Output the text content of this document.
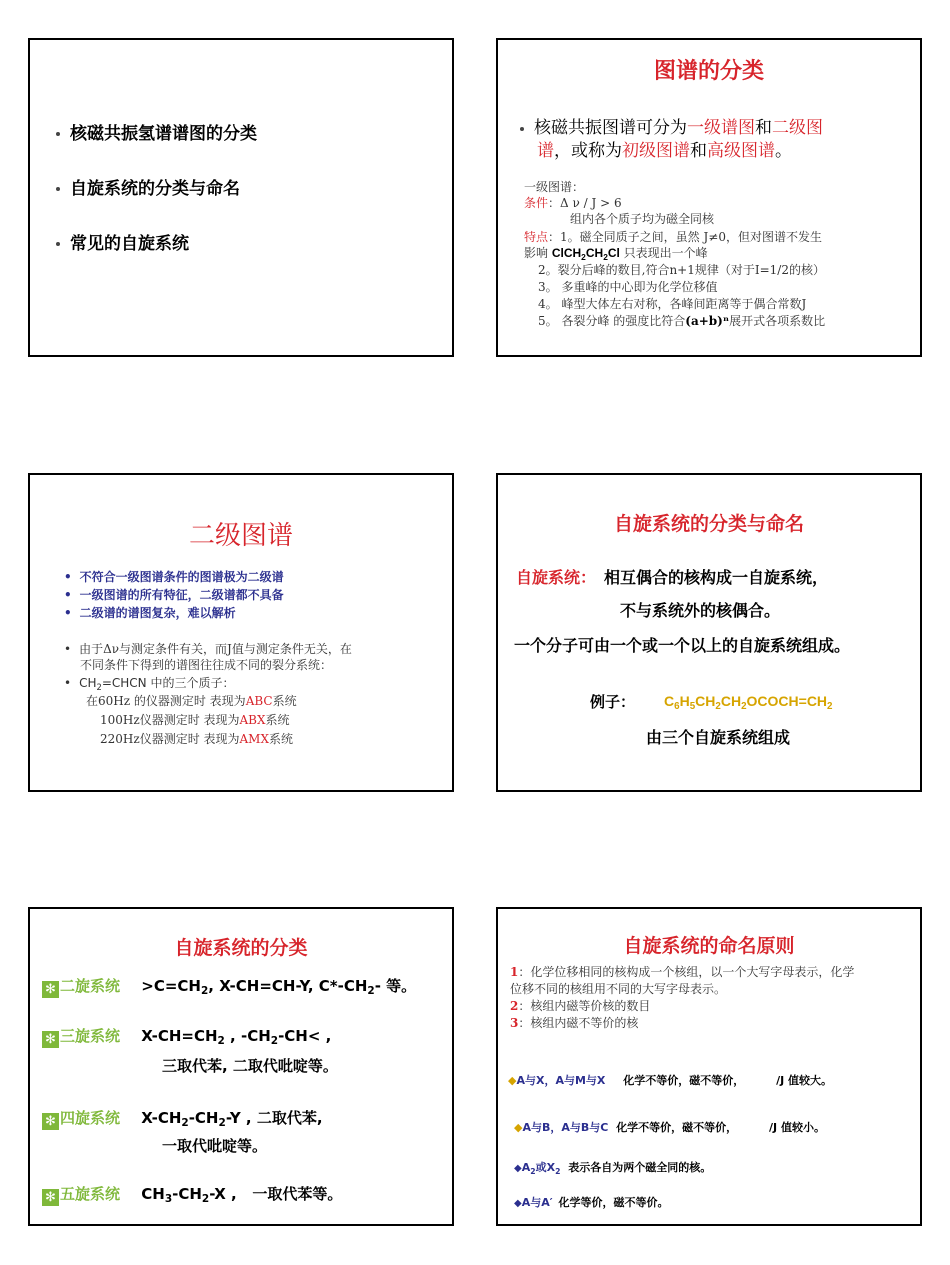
核磁共振氢谱谱图的分类
自旋系统的分类与命名
常见的自旋系统
图谱的分类
核磁共振图谱可分为一级谱图和二级图
谱，或称为初级图谱和高级图谱。
一级图谱：
条件：Δ ν / J > 6
组内各个质子均为磁全同核
特点：1。磁全同质子之间，虽然 J≠0，但对图谱不发生
影响 $ClCH_2CH_2Cl$ 只表现出一个峰
2。裂分后峰的数目,符合n+1规律（对于I=1/2的核）
3。 多重峰的中心即为化学位移值
4。 峰型大体左右对称，各峰间距离等于偶合常数J
5。 各裂分峰 的强度比符合(a+b)ⁿ展开式各项系数比
二级图谱
• 不符合一级图谱条件的图谱极为二级谱
• 一级图谱的所有特征，二级谱都不具备
• 二级谱的谱图复杂，难以解析
• 由于Δν与测定条件有关，而J值与测定条件无关，在
不同条件下得到的谱图往往成不同的裂分系统：
• $CH_2=CHCN$ 中的三个质子：
在60Hz 的仪器测定时 表现为ABC系统
100Hz仪器测定时 表现为ABX系统
220Hz仪器测定时 表现为AMX系统
自旋系统的分类与命名
自旋系统： 相互偶合的核构成一自旋系统，
不与系统外的核偶合。
一个分子可由一个或一个以上的自旋系统组成。
例子： $C_6H_5CH_2CH_2OCOCH=CH_2$
由三个自旋系统组成
自旋系统的分类
✻ 二旋系统 $>C=CH_2$, X-CH=CH-Y, $C*-CH_2-$ 等。
✻ 三旋系统 $X-CH=CH_2$ , $-CH_2-CH<$ ,
三取代苯, 二取代吡啶等。
✻ 四旋系统 $X-CH_2-CH_2-Y$ , 二取代苯,
一取代吡啶等。
✻ 五旋系统 $CH_3-CH_2-X$ ,   一取代苯等。
自旋系统的命名原则
1：化学位移相同的核构成一个核组，以一个大写字母表示，化学
位移不同的核组用不同的大写字母表示。
2：核组内磁等价核的数目
3：核组内磁不等价的核
◆A与X，A与M与X 化学不等价，磁不等价，	/J 值较大。
◆A与B，A与B与C 化学不等价，磁不等价，	/J 值较小。
$◆A_2$或$X_2$ 表示各自为两个磁全同的核。
◆A与A′ 化学等价，磁不等价。
